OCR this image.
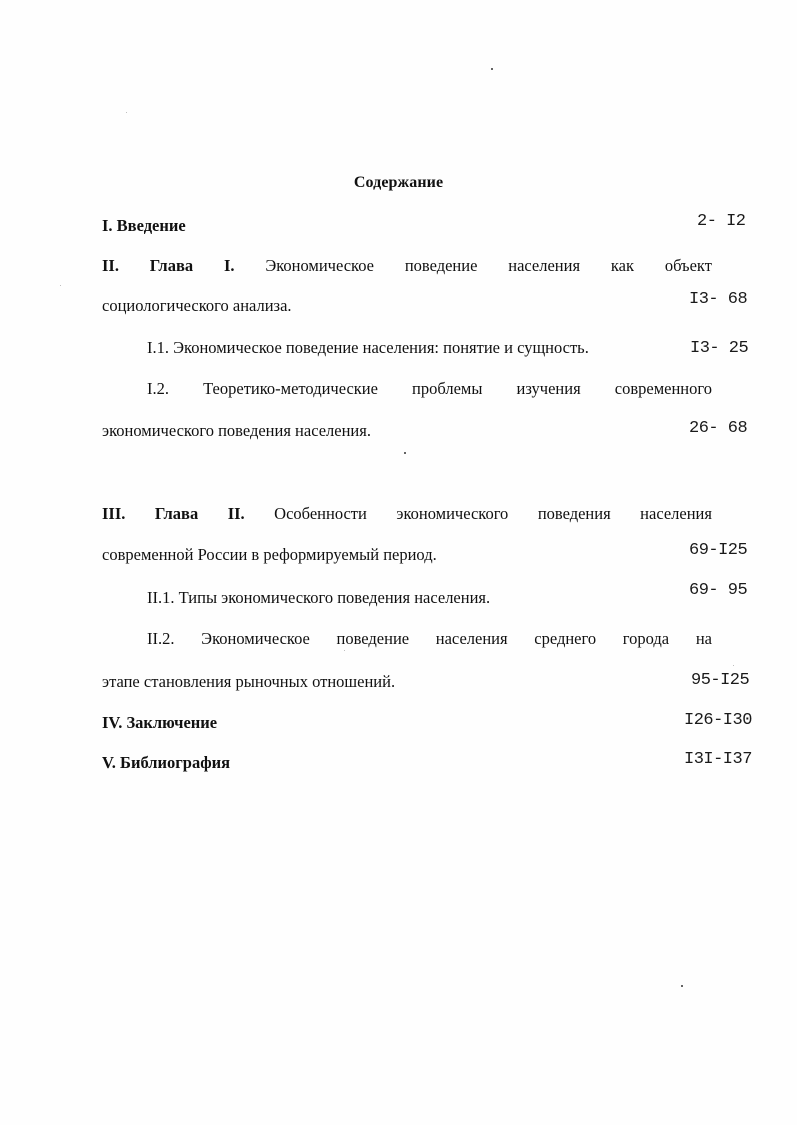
Содержание
I. Введение	2- I2
II. Глава I. Экономическое поведение населения как объект
социологического анализа.	I3- 68
I.1. Экономическое поведение населения: понятие и сущность.	I3- 25
I.2. Теоретико-методические проблемы изучения современного
экономического поведения населения.	26- 68
III. Глава II. Особенности экономического поведения населения
современной России в реформируемый период.	69-I25
II.1. Типы экономического поведения населения.	69- 95
II.2. Экономическое поведение населения среднего города на
этапе становления рыночных отношений.	95-I25
IV. Заключение	I26-I30
V. Библиография	I3I-I37
